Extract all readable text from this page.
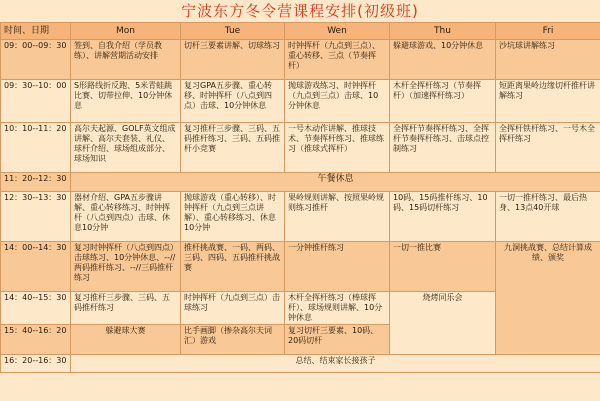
宁波东方冬令营课程安排(初级班)
时间、日期	Mon	Tue	Wen	Thu	Fri
09：00--09：30	签到、自我介绍（学员教练）、讲解营期活动安排	切杆三要素讲解、切球练习	时钟挥杆（九点到三点）、重心转移、三点（节奏挥杆）	躲避球游戏、10分钟休息	沙坑球讲解练习
09：30--10：00	S形路线折反跑、5米青蛙跳比赛、切带拉伸、10分钟休息	复习GPA五步骤、重心转移、时钟挥杆（八点到四点）击球、10分钟休息	抛球游戏练习、时钟挥杆（九点到三点）击球、10分钟休息	木杆全挥杆练习（节奏挥杆）（加速挥杆练习）	短距离果岭边缘切杆推杆讲解练习
10：10--11：20	高尔夫起源、GOLF英文组成讲解、高尔夫套装、礼仪、球杆介绍、球场组成部分、球场知识	复习推杆三步骤、三码、五码推杆练习、三码、五码推杆小竞赛	一号木动作讲解、推球技术、节奏挥杆练习、推球练习（推球式挥杆）	全挥杆节奏挥杆练习、全挥杆节奏挥杆练习、击球点控制练习	全挥杆铁杆练习、一号木全挥杆练习
11：20--12：30	午餐休息				
12：30--13：30	器材介绍、GPA五步骤讲解、重心转移练习、时钟挥杆（八点到四点）击球、休息10分钟	抛球游戏（重心转移）、时钟挥杆（九点到三点讲解）、重心转移练习、休息10分钟	果岭规则讲解、按照果岭规则练习推杆	10码、15码推杆练习、10码、15码切杆练习	一切一推杆练习、最后热身、13点40开球
14：00--14：30	复习时钟挥杆（八点到四点）击球练习、10分钟休息、--//两码推杆练习、--//三码推杆练习	推杆挑战赛、一码、两码、三码、四码、五码推杆挑战赛	一分钟推杆练习	一切一推比赛	九洞挑战赛、总结计算成绩、颁奖
14：40--15：30	复习推杆三步骤、三码、五码推杆练习	时钟挥杆（九点到三点）击球练习	木杆全挥杆练习（棒球挥杆）、球场规则讲解、10分钟休息	烧烤同乐会	
15：40--16：20	躲避球大赛	比手画脚（掺杂高尔夫词汇）游戏	复习切杆三要素、10码、20码切杆		
16：20--16：30	总结、结束家长接孩子				
